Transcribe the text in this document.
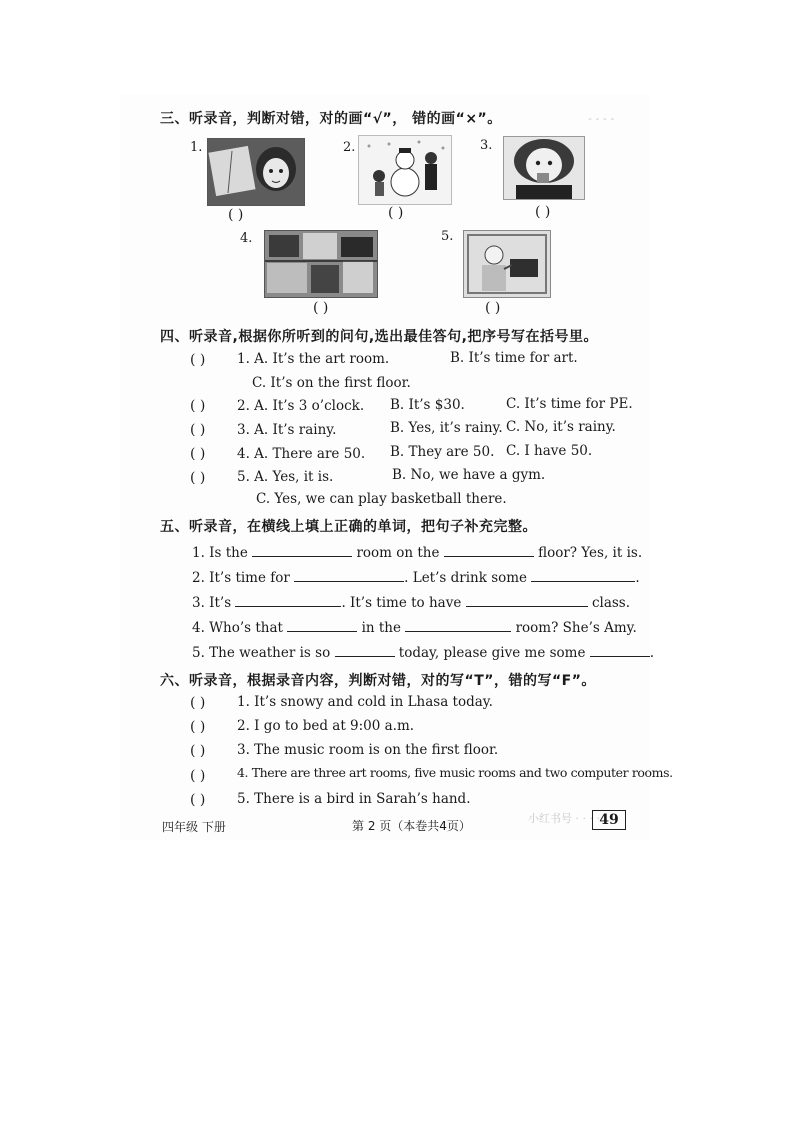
- - - -
小红书号 · · · ·
三、听录音，判断对错，对的画“√”， 错的画“×”。
1.
( )
2.
( )
3.
( )
4.
( )
5.
( )
四、听录音,根据你所听到的问句,选出最佳答句,把序号写在括号里。
( ) 1. A. It’s the art room.	B. It’s time for art.
C. It’s on the first floor.
( ) 2. A. It’s 3 o’clock. B. It’s $30.	C. It’s time for PE.
( ) 3. A. It’s rainy.	B. Yes, it’s rainy. C. No, it’s rainy.
( ) 4. A. There are 50. B. They are 50. C. I have 50.
( ) 5. A. Yes, it is.	B. No, we have a gym.
C. Yes, we can play basketball there.
五、听录音，在横线上填上正确的单词，把句子补充完整。
1. Is the	room on the	floor? Yes, it is.
2. It’s time for	. Let’s drink some	.
3. It’s	. It’s time to have	class.
4. Who’s that	in the	room? She’s Amy.
5. The weather is so	today, please give me some	.
六、听录音，根据录音内容，判断对错，对的写“T”，错的写“F”。
( ) 1. It’s snowy and cold in Lhasa today.
( ) 2. I go to bed at 9:00 a.m.
( ) 3. The music room is on the first floor.
( )	4. There are three art rooms, five music rooms and two computer rooms.
( ) 5. There is a bird in Sarah’s hand.
四年级 下册	第 2 页（本卷共4页）	49
